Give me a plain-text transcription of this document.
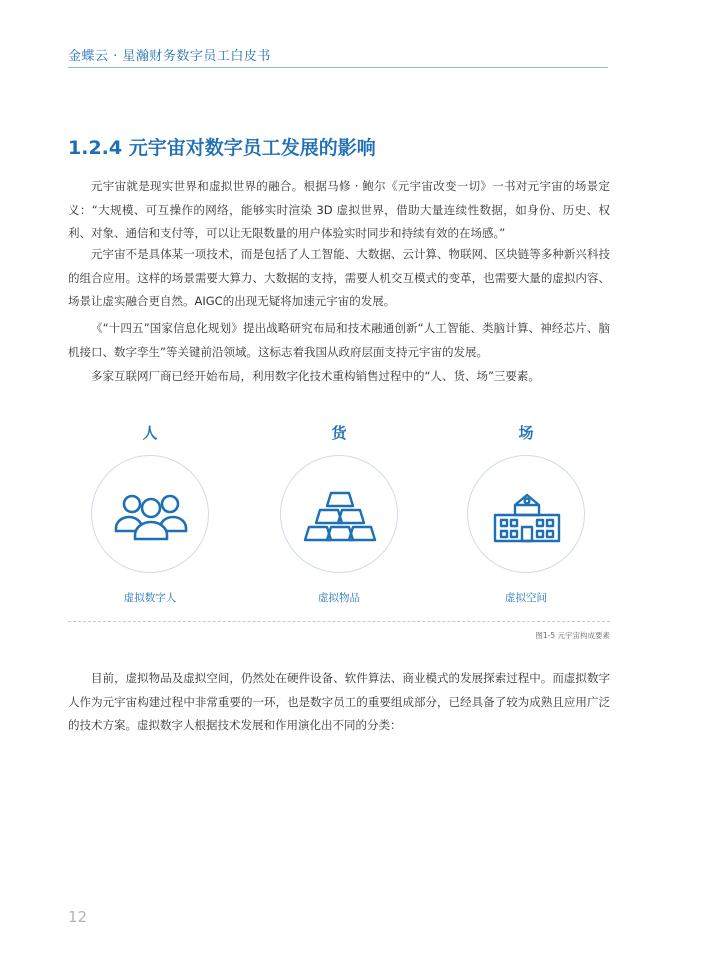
金蝶云 · 星瀚财务数字员工白皮书
1.2.4 元宇宙对数字员工发展的影响

元宇宙就是现实世界和虚拟世界的融合。根据马修 · 鲍尔《元宇宙改变一切》一书对元宇宙的场景定义：“大规模、可互操作的网络，能够实时渲染 3D 虚拟世界，借助大量连续性数据，如身份、历史、权利、对象、通信和支付等，可以让无限数量的用户体验实时同步和持续有效的在场感。”

元宇宙不是具体某一项技术，而是包括了人工智能、大数据、云计算、物联网、区块链等多种新兴科技的组合应用。这样的场景需要大算力、大数据的支持，需要人机交互模式的变革，也需要大量的虚拟内容、场景让虚实融合更自然。AIGC的出现无疑将加速元宇宙的发展。

《“十四五”国家信息化规划》提出战略研究布局和技术融通创新“人工智能、类脑计算、神经芯片、脑机接口、数字孪生”等关键前沿领域。这标志着我国从政府层面支持元宇宙的发展。

多家互联网厂商已经开始布局，利用数字化技术重构销售过程中的“人、货、场”三要素。

人	货	场
虚拟数字人	虚拟物品	虚拟空间
图1-5 元宇宙构成要素

目前，虚拟物品及虚拟空间，仍然处在硬件设备、软件算法、商业模式的发展探索过程中。而虚拟数字人作为元宇宙构建过程中非常重要的一环，也是数字员工的重要组成部分，已经具备了较为成熟且应用广泛的技术方案。虚拟数字人根据技术发展和作用演化出不同的分类：

12
